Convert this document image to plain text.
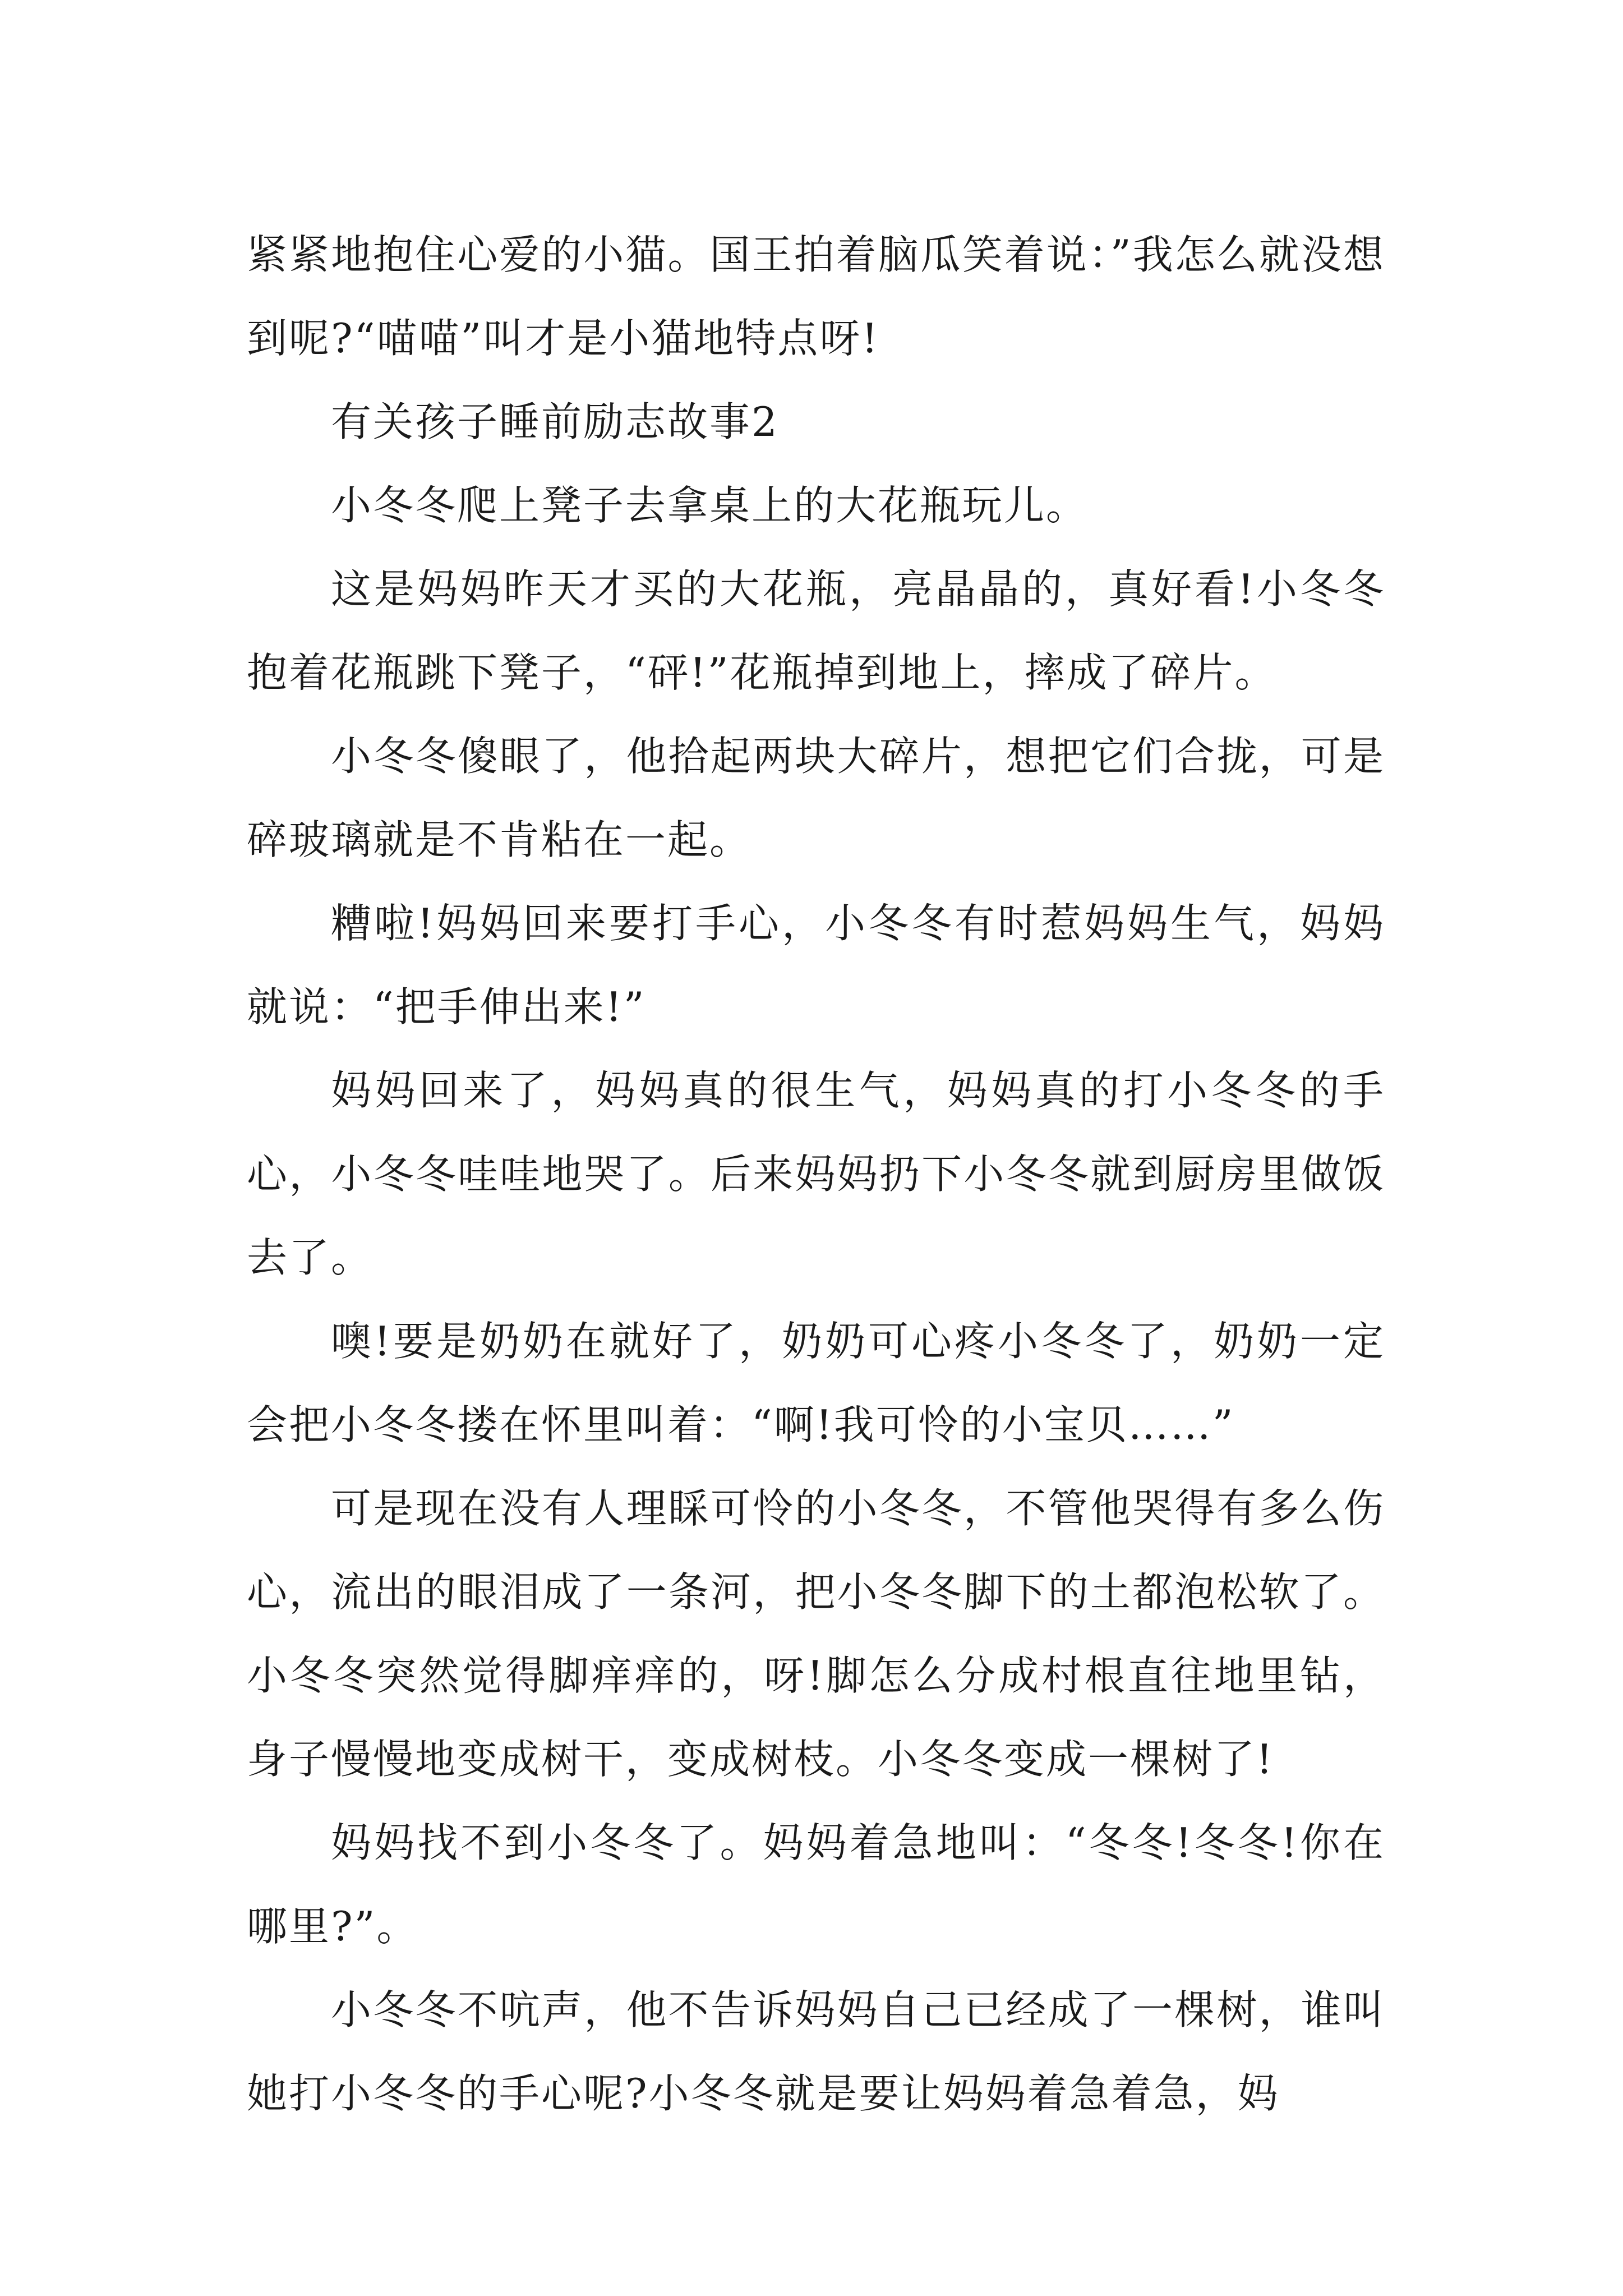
紧紧地抱住心爱的小猫。国王拍着脑瓜笑着说：”我怎么就没想到呢?“喵喵”叫才是小猫地特点呀!

有关孩子睡前励志故事2

小冬冬爬上凳子去拿桌上的大花瓶玩儿。

这是妈妈昨天才买的大花瓶，亮晶晶的，真好看!小冬冬抱着花瓶跳下凳子，“砰!”花瓶掉到地上，摔成了碎片。

小冬冬傻眼了，他拾起两块大碎片，想把它们合拢，可是碎玻璃就是不肯粘在一起。

糟啦!妈妈回来要打手心，小冬冬有时惹妈妈生气，妈妈就说：“把手伸出来!”

妈妈回来了，妈妈真的很生气，妈妈真的打小冬冬的手心，小冬冬哇哇地哭了。后来妈妈扔下小冬冬就到厨房里做饭去了。

噢!要是奶奶在就好了，奶奶可心疼小冬冬了，奶奶一定会把小冬冬搂在怀里叫着：“啊!我可怜的小宝贝……”

可是现在没有人理睬可怜的小冬冬，不管他哭得有多么伤心，流出的眼泪成了一条河，把小冬冬脚下的土都泡松软了。小冬冬突然觉得脚痒痒的，呀!脚怎么分成村根直往地里钻，身子慢慢地变成树干，变成树枝。小冬冬变成一棵树了!

妈妈找不到小冬冬了。妈妈着急地叫：“冬冬!冬冬!你在哪里?”。

小冬冬不吭声，他不告诉妈妈自己已经成了一棵树，谁叫她打小冬冬的手心呢?小冬冬就是要让妈妈着急着急，妈
